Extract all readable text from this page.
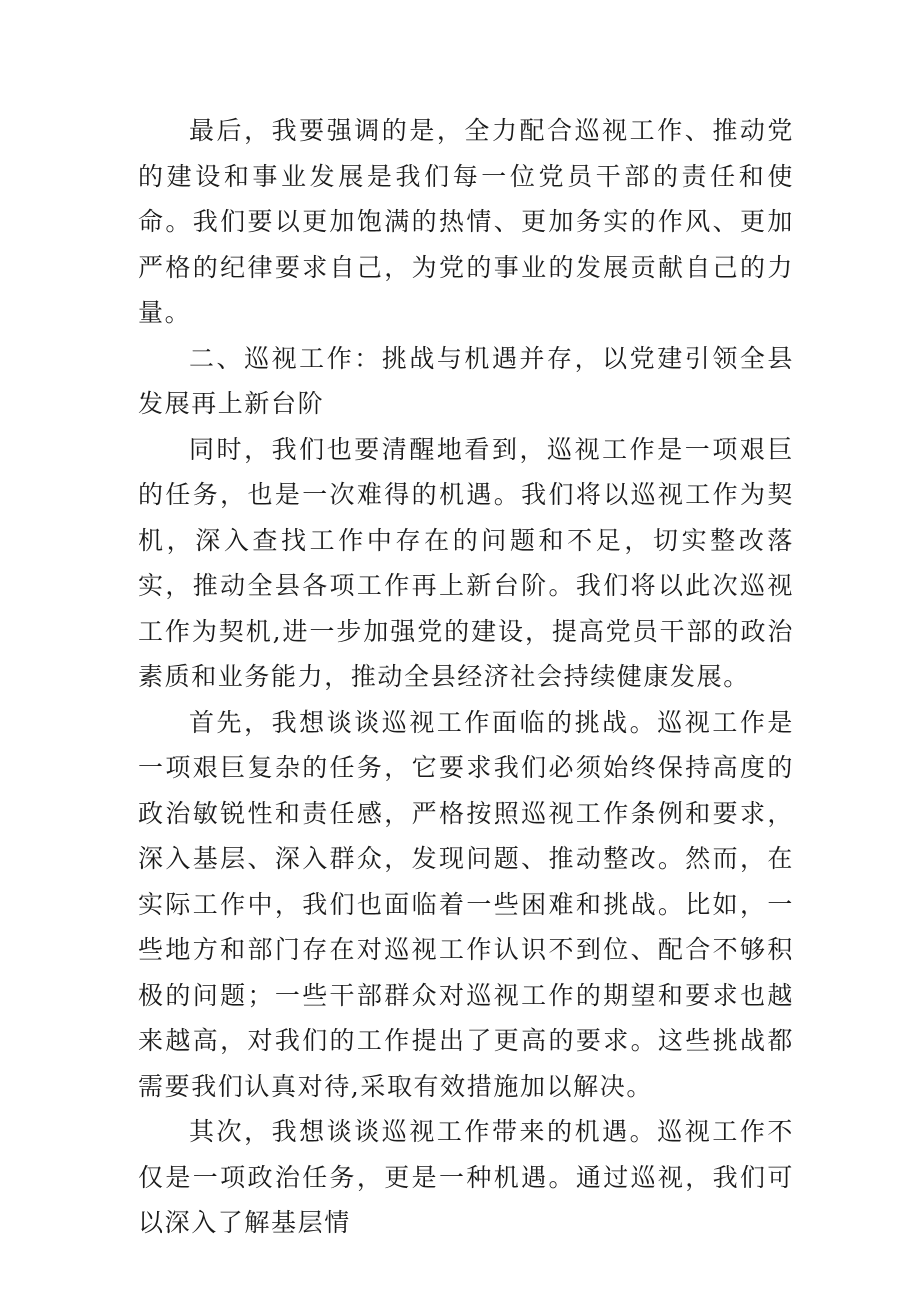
最后，我要强调的是，全力配合巡视工作、推动党的建设和事业发展是我们每一位党员干部的责任和使命。我们要以更加饱满的热情、更加务实的作风、更加严格的纪律要求自己，为党的事业的发展贡献自己的力量。

二、巡视工作：挑战与机遇并存，以党建引领全县发展再上新台阶

同时，我们也要清醒地看到，巡视工作是一项艰巨的任务，也是一次难得的机遇。我们将以巡视工作为契机，深入查找工作中存在的问题和不足，切实整改落实，推动全县各项工作再上新台阶。我们将以此次巡视工作为契机,进一步加强党的建设，提高党员干部的政治素质和业务能力，推动全县经济社会持续健康发展。

首先，我想谈谈巡视工作面临的挑战。巡视工作是一项艰巨复杂的任务，它要求我们必须始终保持高度的政治敏锐性和责任感，严格按照巡视工作条例和要求，深入基层、深入群众，发现问题、推动整改。然而，在实际工作中，我们也面临着一些困难和挑战。比如，一些地方和部门存在对巡视工作认识不到位、配合不够积极的问题；一些干部群众对巡视工作的期望和要求也越来越高，对我们的工作提出了更高的要求。这些挑战都需要我们认真对待,采取有效措施加以解决。

其次，我想谈谈巡视工作带来的机遇。巡视工作不仅是一项政治任务，更是一种机遇。通过巡视，我们可以深入了解基层情
